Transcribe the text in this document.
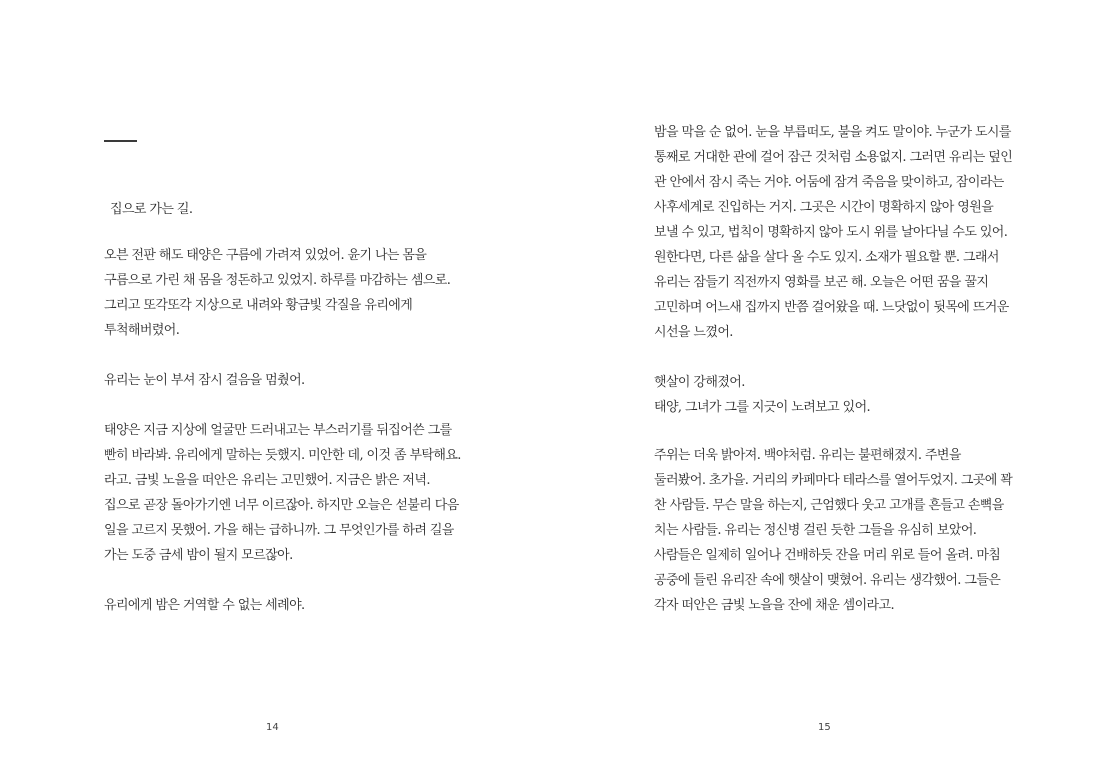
집으로 가는 길.
오븐 전판 해도 태양은 구름에 가려져 있었어. 윤기 나는 몸을
구름으로 가린 채 몸을 정돈하고 있었지. 하루를 마감하는 셈으로.
그리고 또각또각 지상으로 내려와 황금빛 각질을 유리에게
투척해버렸어.
유리는 눈이 부셔 잠시 걸음을 멈췄어.
태양은 지금 지상에 얼굴만 드러내고는 부스러기를 뒤집어쓴 그를
빤히 바라봐. 유리에게 말하는 듯했지. 미안한 데, 이것 좀 부탁해요.
라고. 금빛 노을을 떠안은 유리는 고민했어. 지금은 밝은 저녁.
집으로 곧장 돌아가기엔 너무 이르잖아. 하지만 오늘은 섣불리 다음
일을 고르지 못했어. 가을 해는 급하니까. 그 무엇인가를 하려 길을
가는 도중 금세 밤이 될지 모르잖아.
유리에게 밤은 거역할 수 없는 세례야.
14
밤을 막을 순 없어. 눈을 부릅떠도, 불을 켜도 말이야. 누군가 도시를
통째로 거대한 관에 걸어 잠근 것처럼 소용없지. 그러면 유리는 덮인
관 안에서 잠시 죽는 거야. 어둠에 잠겨 죽음을 맞이하고, 잠이라는
사후세계로 진입하는 거지. 그곳은 시간이 명확하지 않아 영원을
보낼 수 있고, 법칙이 명확하지 않아 도시 위를 날아다닐 수도 있어.
원한다면, 다른 삶을 살다 올 수도 있지. 소재가 필요할 뿐. 그래서
유리는 잠들기 직전까지 영화를 보곤 해. 오늘은 어떤 꿈을 꿀지
고민하며 어느새 집까지 반쯤 걸어왔을 때. 느닷없이 뒷목에 뜨거운
시선을 느꼈어.
햇살이 강해졌어.
태양, 그녀가 그를 지긋이 노려보고 있어.
주위는 더욱 밝아져. 백야처럼. 유리는 불편해졌지. 주변을
둘러봤어. 초가을. 거리의 카페마다 테라스를 열어두었지. 그곳에 꽉
찬 사람들. 무슨 말을 하는지, 근엄했다 웃고 고개를 흔들고 손뼉을
치는 사람들. 유리는 정신병 걸린 듯한 그들을 유심히 보았어.
사람들은 일제히 일어나 건배하듯 잔을 머리 위로 들어 올려. 마침
공중에 들린 유리잔 속에 햇살이 맺혔어. 유리는 생각했어. 그들은
각자 떠안은 금빛 노을을 잔에 채운 셈이라고.
15
